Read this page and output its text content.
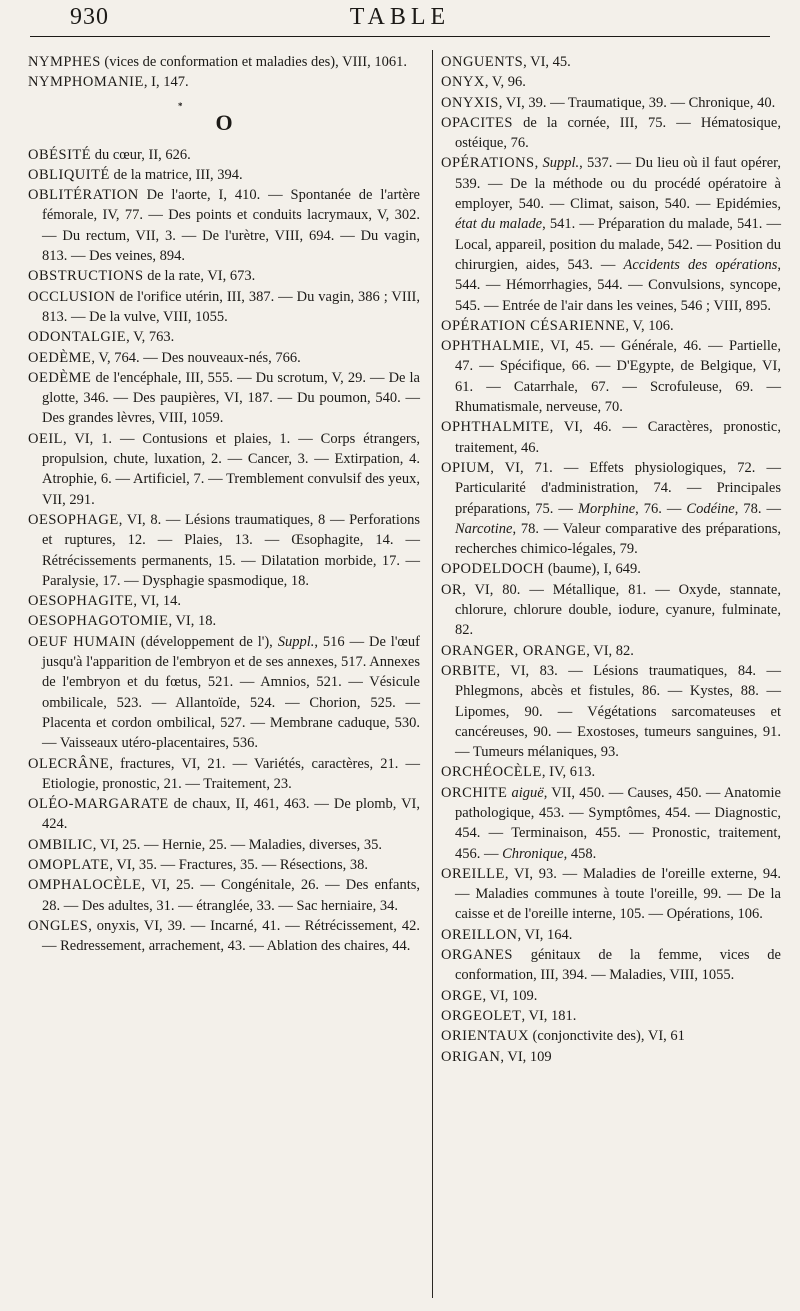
930	TABLE

NYMPHES (vices de conformation et maladies des), VIII, 1061.

NYMPHOMANIE, I, 147.

*
O

OBÉSITÉ du cœur, II, 626.

OBLIQUITÉ de la matrice, III, 394.

OBLITÉRATION De l'aorte, I, 410. — Spontanée de l'artère fémorale, IV, 77. — Des points et conduits lacrymaux, V, 302. — Du rectum, VII, 3. — De l'urètre, VIII, 694. — Du vagin, 813. — Des veines, 894.

OBSTRUCTIONS de la rate, VI, 673.

OCCLUSION de l'orifice utérin, III, 387. — Du vagin, 386 ; VIII, 813. — De la vulve, VIII, 1055.

ODONTALGIE, V, 763.

OEDÈME, V, 764. — Des nouveaux-nés, 766.

OEDÈME de l'encéphale, III, 555. — Du scrotum, V, 29. — De la glotte, 346. — Des paupières, VI, 187. — Du poumon, 540. — Des grandes lèvres, VIII, 1059.

OEIL, VI, 1. — Contusions et plaies, 1. — Corps étrangers, propulsion, chute, luxation, 2. — Cancer, 3. — Extirpation, 4. Atrophie, 6. — Artificiel, 7. — Tremblement convulsif des yeux, VII, 291.

OESOPHAGE, VI, 8. — Lésions traumatiques, 8 — Perforations et ruptures, 12. — Plaies, 13. — Œsophagite, 14. — Rétrécissements permanents, 15. — Dilatation morbide, 17. — Paralysie, 17. — Dysphagie spasmodique, 18.

OESOPHAGITE, VI, 14.

OESOPHAGOTOMIE, VI, 18.

OEUF HUMAIN (développement de l'), Suppl., 516 — De l'œuf jusqu'à l'apparition de l'embryon et de ses annexes, 517. Annexes de l'embryon et du fœtus, 521. — Amnios, 521. — Vésicule ombilicale, 523. — Allantoïde, 524. — Chorion, 525. — Placenta et cordon ombilical, 527. — Membrane caduque, 530. — Vaisseaux utéro-placentaires, 536.

OLECRÂNE, fractures, VI, 21. — Variétés, caractères, 21. — Etiologie, pronostic, 21. — Traitement, 23.

OLÉO-MARGARATE de chaux, II, 461, 463. — De plomb, VI, 424.

OMBILIC, VI, 25. — Hernie, 25. — Maladies, diverses, 35.

OMOPLATE, VI, 35. — Fractures, 35. — Résections, 38.

OMPHALOCÈLE, VI, 25. — Congénitale, 26. — Des enfants, 28. — Des adultes, 31. — étranglée, 33. — Sac herniaire, 34.

ONGLES, onyxis, VI, 39. — Incarné, 41. — Rétrécissement, 42. — Redressement, arrachement, 43. — Ablation des chaires, 44.

ONGUENTS, VI, 45.

ONYX, V, 96.

ONYXIS, VI, 39. — Traumatique, 39. — Chronique, 40.

OPACITES de la cornée, III, 75. — Hématosique, ostéique, 76.

OPÉRATIONS, Suppl., 537. — Du lieu où il faut opérer, 539. — De la méthode ou du procédé opératoire à employer, 540. — Climat, saison, 540. — Epidémies, état du malade, 541. — Préparation du malade, 541. — Local, appareil, position du malade, 542. — Position du chirurgien, aides, 543. — Accidents des opérations, 544. — Hémorrhagies, 544. — Convulsions, syncope, 545. — Entrée de l'air dans les veines, 546 ; VIII, 895.

OPÉRATION CÉSARIENNE, V, 106.

OPHTHALMIE, VI, 45. — Générale, 46. — Partielle, 47. — Spécifique, 66. — D'Egypte, de Belgique, VI, 61. — Catarrhale, 67. — Scrofuleuse, 69. — Rhumatismale, nerveuse, 70.

OPHTHALMITE, VI, 46. — Caractères, pronostic, traitement, 46.

OPIUM, VI, 71. — Effets physiologiques, 72. — Particularité d'administration, 74. — Principales préparations, 75. — Morphine, 76. — Codéine, 78. — Narcotine, 78. — Valeur comparative des préparations, recherches chimico-légales, 79.

OPODELDOCH (baume), I, 649.

OR, VI, 80. — Métallique, 81. — Oxyde, stannate, chlorure, chlorure double, iodure, cyanure, fulminate, 82.

ORANGER, ORANGE, VI, 82.

ORBITE, VI, 83. — Lésions traumatiques, 84. — Phlegmons, abcès et fistules, 86. — Kystes, 88. — Lipomes, 90. — Végétations sarcomateuses et cancéreuses, 90. — Exostoses, tumeurs sanguines, 91. — Tumeurs mélaniques, 93.

ORCHÉOCÈLE, IV, 613.

ORCHITE aiguë, VII, 450. — Causes, 450. — Anatomie pathologique, 453. — Symptômes, 454. — Diagnostic, 454. — Terminaison, 455. — Pronostic, traitement, 456. — Chronique, 458.

OREILLE, VI, 93. — Maladies de l'oreille externe, 94. — Maladies communes à toute l'oreille, 99. — De la caisse et de l'oreille interne, 105. — Opérations, 106.

OREILLON, VI, 164.

ORGANES génitaux de la femme, vices de conformation, III, 394. — Maladies, VIII, 1055.

ORGE, VI, 109.

ORGEOLET, VI, 181.

ORIENTAUX (conjonctivite des), VI, 61

ORIGAN, VI, 109
